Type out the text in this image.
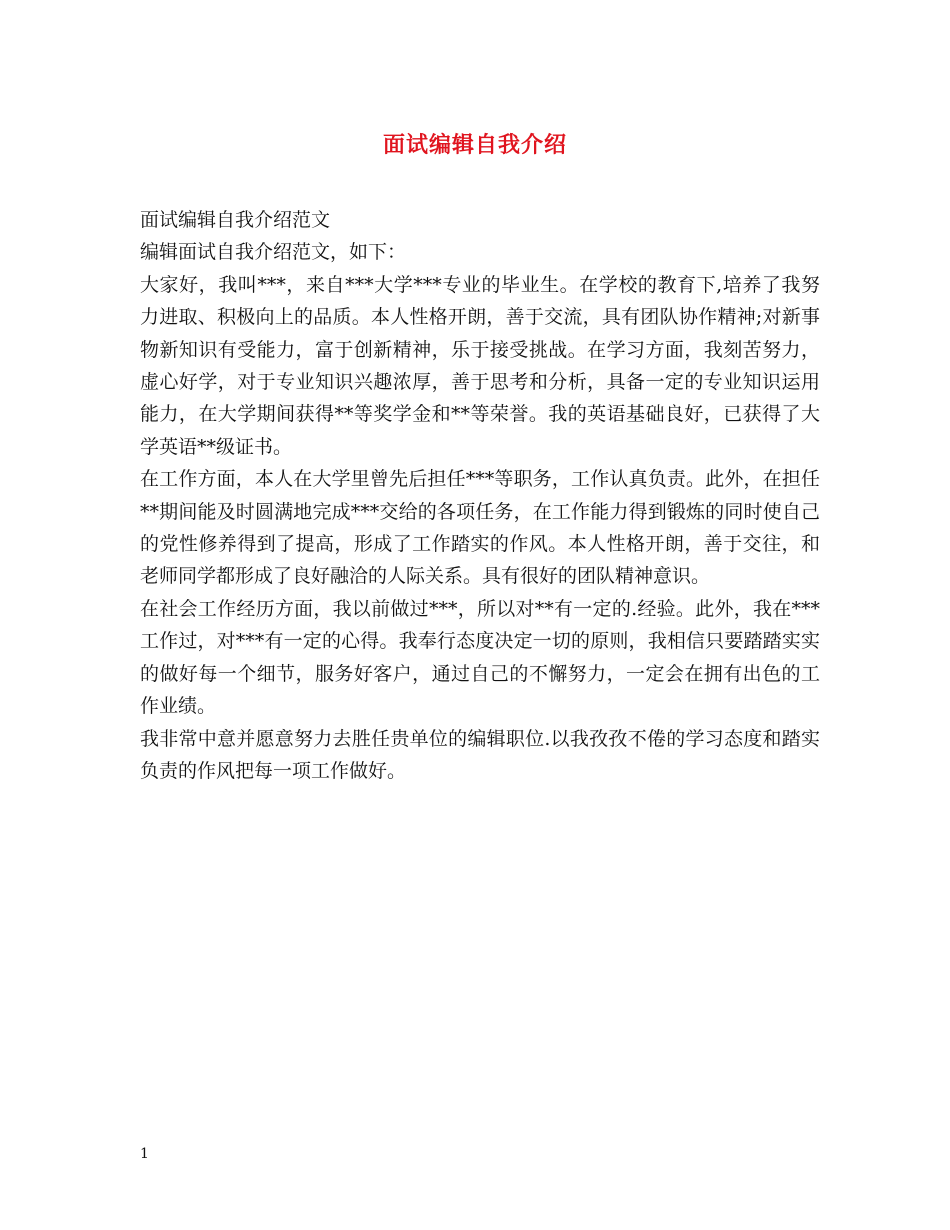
面试编辑自我介绍

面试编辑自我介绍范文

编辑面试自我介绍范文，如下：

大家好，我叫***，来自***大学***专业的毕业生。在学校的教育下,培养了我努力进取、积极向上的品质。本人性格开朗，善于交流，具有团队协作精神;对新事物新知识有受能力，富于创新精神，乐于接受挑战。在学习方面，我刻苦努力，虚心好学，对于专业知识兴趣浓厚，善于思考和分析，具备一定的专业知识运用能力，在大学期间获得**等奖学金和**等荣誉。我的英语基础良好，已获得了大学英语**级证书。

在工作方面，本人在大学里曾先后担任***等职务，工作认真负责。此外，在担任**期间能及时圆满地完成***交给的各项任务，在工作能力得到锻炼的同时使自己的党性修养得到了提高，形成了工作踏实的作风。本人性格开朗，善于交往，和老师同学都形成了良好融洽的人际关系。具有很好的团队精神意识。

在社会工作经历方面，我以前做过***，所以对**有一定的.经验。此外，我在***工作过，对***有一定的心得。我奉行态度决定一切的原则，我相信只要踏踏实实的做好每一个细节，服务好客户，通过自己的不懈努力，一定会在拥有出色的工作业绩。

我非常中意并愿意努力去胜任贵单位的编辑职位.以我孜孜不倦的学习态度和踏实负责的作风把每一项工作做好。

1
